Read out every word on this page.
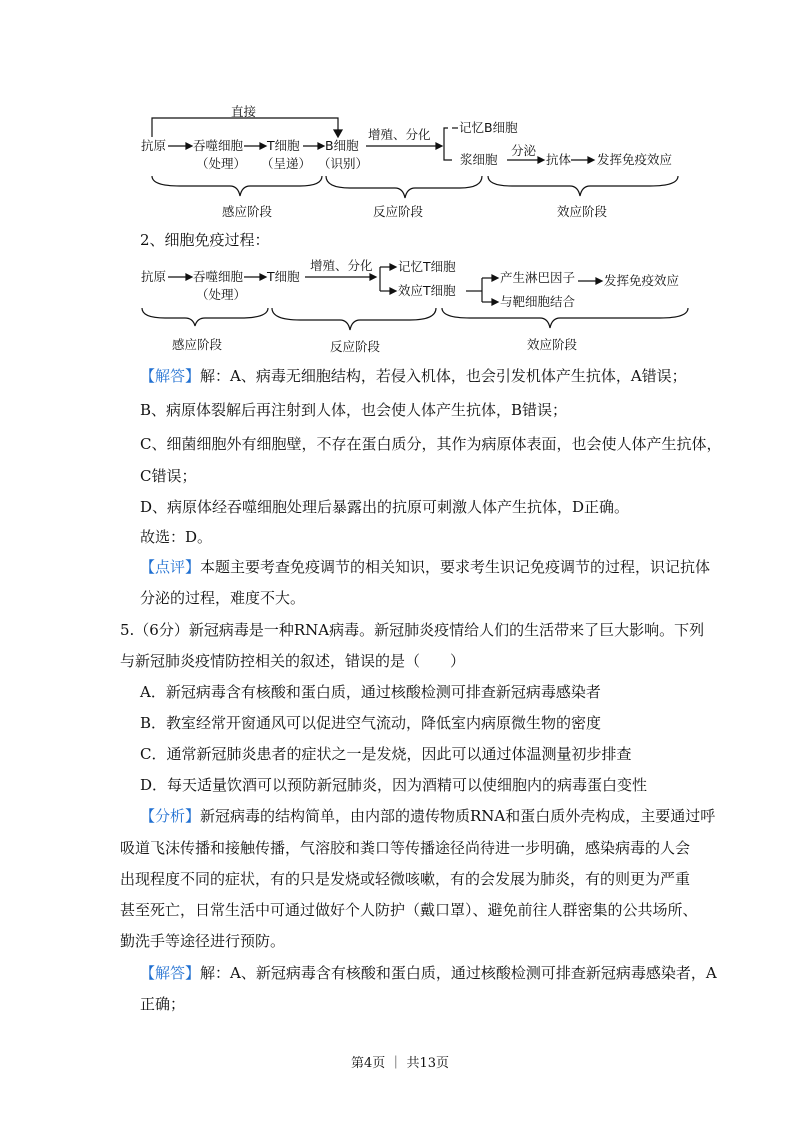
直接
抗原 吞噬细胞
（处理）
T细胞
（呈递）
B细胞
（识别）
增殖、分化 记忆B细胞
浆细胞
分泌
抗体 发挥免疫效应
感应阶段	反应阶段	效应阶段
2、细胞免疫过程：
抗原 吞噬细胞
（处理）
T细胞
增殖、分化 记忆T细胞
效应T细胞
产生淋巴因子 发挥免疫效应
与靶细胞结合
感应阶段	反应阶段	效应阶段
【解答】解：A、病毒无细胞结构，若侵入机体，也会引发机体产生抗体，A错误；
B、病原体裂解后再注射到人体，也会使人体产生抗体，B错误；
C、细菌细胞外有细胞壁，不存在蛋白质分，其作为病原体表面，也会使人体产生抗体，
C错误；
D、病原体经吞噬细胞处理后暴露出的抗原可刺激人体产生抗体，D正确。
故选：D。
【点评】本题主要考查免疫调节的相关知识，要求考生识记免疫调节的过程，识记抗体
分泌的过程，难度不大。
5.（6分）新冠病毒是一种RNA病毒。新冠肺炎疫情给人们的生活带来了巨大影响。下列
与新冠肺炎疫情防控相关的叙述，错误的是（　　）
A．新冠病毒含有核酸和蛋白质，通过核酸检测可排查新冠病毒感染者
B．教室经常开窗通风可以促进空气流动，降低室内病原微生物的密度
C．通常新冠肺炎患者的症状之一是发烧，因此可以通过体温测量初步排查
D．每天适量饮酒可以预防新冠肺炎，因为酒精可以使细胞内的病毒蛋白变性
【分析】新冠病毒的结构简单，由内部的遗传物质RNA和蛋白质外壳构成，主要通过呼
吸道飞沫传播和接触传播，气溶胶和粪口等传播途径尚待进一步明确，感染病毒的人会
出现程度不同的症状，有的只是发烧或轻微咳嗽，有的会发展为肺炎，有的则更为严重
甚至死亡，日常生活中可通过做好个人防护（戴口罩）、避免前往人群密集的公共场所、
勤洗手等途径进行预防。
【解答】解：A、新冠病毒含有核酸和蛋白质，通过核酸检测可排查新冠病毒感染者，A
正确；
第4页 ｜ 共13页
